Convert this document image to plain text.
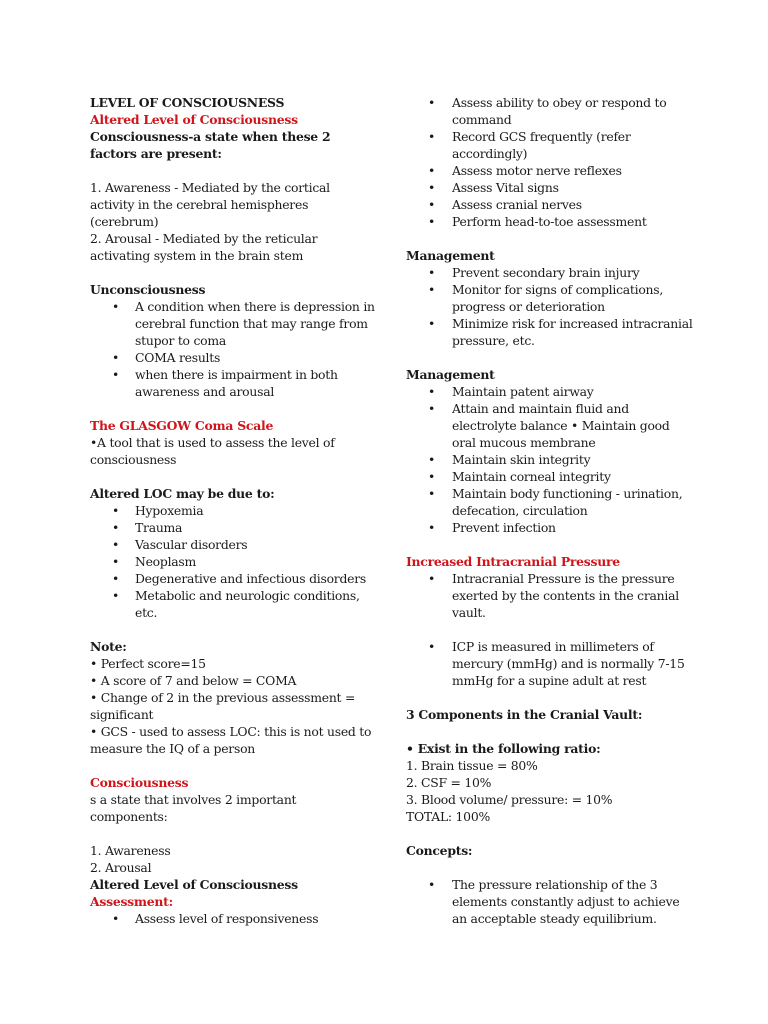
LEVEL OF CONSCIOUSNESS

Altered Level of Consciousness

Consciousness-a state when these 2 factors are present:

1. Awareness - Mediated by the cortical activity in the cerebral hemispheres (cerebrum)

2. Arousal - Mediated by the reticular activating system in the brain stem

Unconsciousness

• A condition when there is depression in cerebral function that may range from stupor to coma
• COMA results
• when there is impairment in both awareness and arousal

The GLASGOW Coma Scale

•A tool that is used to assess the level of consciousness

Altered LOC may be due to:

• Hypoxemia
• Trauma
• Vascular disorders
• Neoplasm
• Degenerative and infectious disorders
• Metabolic and neurologic conditions, etc.

Note:

• Perfect score=15

• A score of 7 and below = COMA

• Change of 2 in the previous assessment = significant

• GCS - used to assess LOC: this is not used to measure the IQ of a person

Consciousness

s a state that involves 2 important components:

1. Awareness

2. Arousal

Altered Level of Consciousness

Assessment:

• Assess level of responsiveness
• Assess ability to obey or respond to command
• Record GCS frequently (refer accordingly)
• Assess motor nerve reflexes
• Assess Vital signs
• Assess cranial nerves
• Perform head-to-toe assessment

Management

• Prevent secondary brain injury
• Monitor for signs of complications, progress or deterioration
• Minimize risk for increased intracranial pressure, etc.

Management

• Maintain patent airway
• Attain and maintain fluid and electrolyte balance • Maintain good oral mucous membrane
• Maintain skin integrity
• Maintain corneal integrity
• Maintain body functioning - urination, defecation, circulation
• Prevent infection

Increased Intracranial Pressure

• Intracranial Pressure is the pressure exerted by the contents in the cranial vault.
• ICP is measured in millimeters of mercury (mmHg) and is normally 7-15 mmHg for a supine adult at rest

3 Components in the Cranial Vault:

• Exist in the following ratio:

1. Brain tissue = 80%

2. CSF = 10%

3. Blood volume/ pressure: = 10%

TOTAL: 100%

Concepts:

• The pressure relationship of the 3 elements constantly adjust to achieve an acceptable steady equilibrium.
